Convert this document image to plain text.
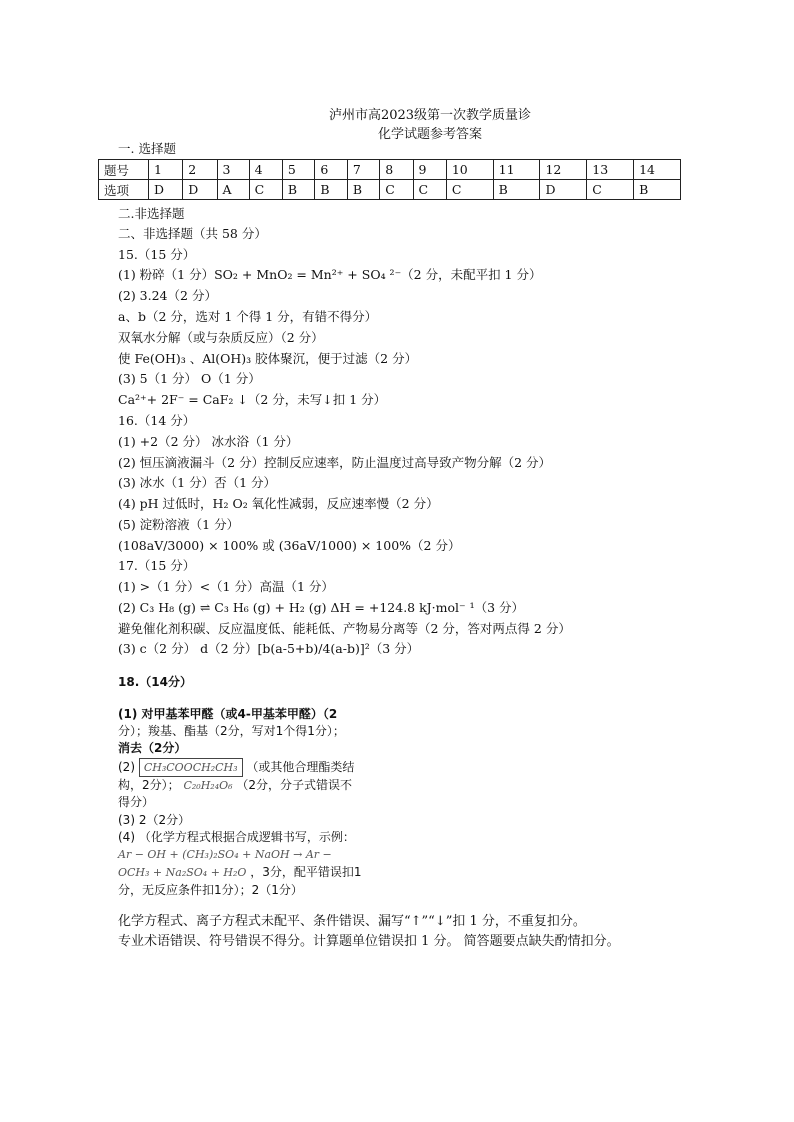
泸州市高2023级第一次教学质量诊
化学试题参考答案
一. 选择题
题号	1	2	3	4	5	6	7	8	9	10	11	12	13	14
选项	D	D	A	C	B	B	B	C	C	C	B	D	C	B
二.非选择题
二、非选择题（共 58 分）
15.（15 分）
(1) 粉碎（1 分）SO₂ + MnO₂ = Mn²⁺ + SO₄ ²⁻（2 分，未配平扣 1 分）
(2) 3.24（2 分）
a、b（2 分，选对 1 个得 1 分，有错不得分）
双氧水分解（或与杂质反应）（2 分）
使 Fe(OH)₃ 、Al(OH)₃ 胶体聚沉，便于过滤（2 分）
(3) 5（1 分） O（1 分）
Ca²⁺+ 2F⁻ = CaF₂ ↓（2 分，未写↓扣 1 分）
16.（14 分）
(1) +2（2 分） 冰水浴（1 分）
(2) 恒压滴液漏斗（2 分）控制反应速率，防止温度过高导致产物分解（2 分）
(3) 冰水（1 分）否（1 分）
(4) pH 过低时，H₂ O₂ 氧化性减弱，反应速率慢（2 分）
(5) 淀粉溶液（1 分）
(108aV/3000) × 100% 或 (36aV/1000) × 100%（2 分）
17.（15 分）
(1) >（1 分）<（1 分）高温（1 分）
(2) C₃ H₈ (g) ⇌ C₃ H₆ (g) + H₂ (g) ΔH = +124.8 kJ·mol⁻ ¹（3 分）
避免催化剂积碳、反应温度低、能耗低、产物易分离等（2 分，答对两点得 2 分）
(3) c（2 分） d（2 分）[b(a-5+b)/4(a-b)]²（3 分）
18.（14分）
(1) 对甲基苯甲醛（或4-甲基苯甲醛）（2
分）；羧基、酯基（2分，写对1个得1分）；
消去（2分）
(2) CH₃COOCH₂CH₃ （或其他合理酯类结
构，2分）； C₂₀H₂₄O₆ （2分，分子式错误不
得分）
(3) 2（2分）
(4) （化学方程式根据合成逻辑书写，示例：
Ar − OH + (CH₃)₂SO₄ + NaOH → Ar −
OCH₃ + Na₂SO₄ + H₂O ，3分，配平错误扣1
分，无反应条件扣1分）；2（1分）
化学方程式、离子方程式未配平、条件错误、漏写“↑”“↓”扣 1 分，不重复扣分。
专业术语错误、符号错误不得分。计算题单位错误扣 1 分。 简答题要点缺失酌情扣分。
